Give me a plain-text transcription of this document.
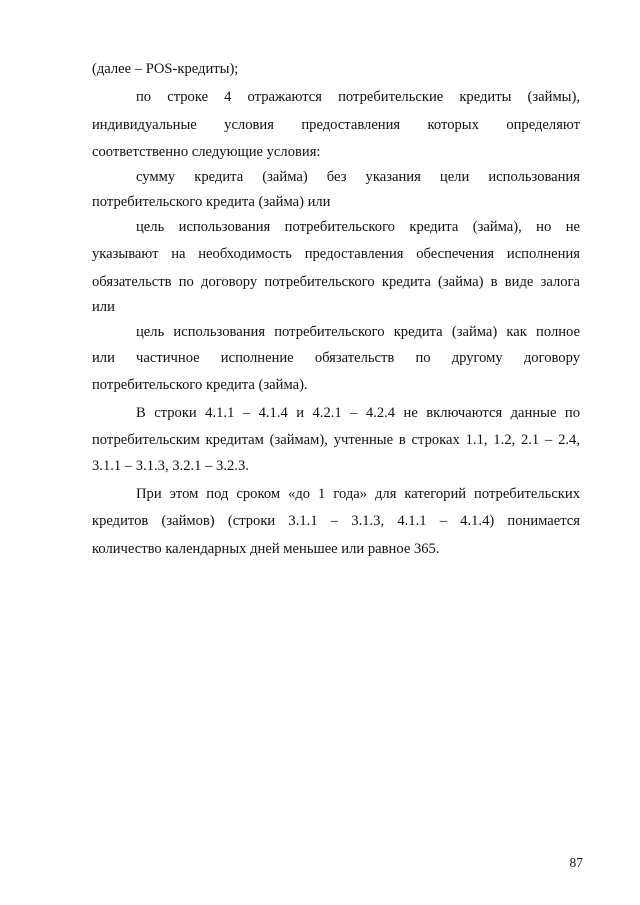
(далее – POS-кредиты);
по строке 4 отражаются потребительские кредиты (займы),
индивидуальные условия предоставления которых определяют
соответственно следующие условия:
сумму кредита (займа) без указания цели использования
потребительского кредита (займа) или
цель использования потребительского кредита (займа), но не
указывают на необходимость предоставления обеспечения исполнения
обязательств по договору потребительского кредита (займа) в виде залога
или
цель использования потребительского кредита (займа) как полное
или частичное исполнение обязательств по другому договору
потребительского кредита (займа).
В строки 4.1.1 – 4.1.4 и 4.2.1 – 4.2.4 не включаются данные по
потребительским кредитам (займам), учтенные в строках 1.1, 1.2, 2.1 – 2.4,
3.1.1 – 3.1.3, 3.2.1 – 3.2.3.
При этом под сроком «до 1 года» для категорий потребительских
кредитов (займов) (строки 3.1.1 – 3.1.3, 4.1.1 – 4.1.4) понимается
количество календарных дней меньшее или равное 365.
87
